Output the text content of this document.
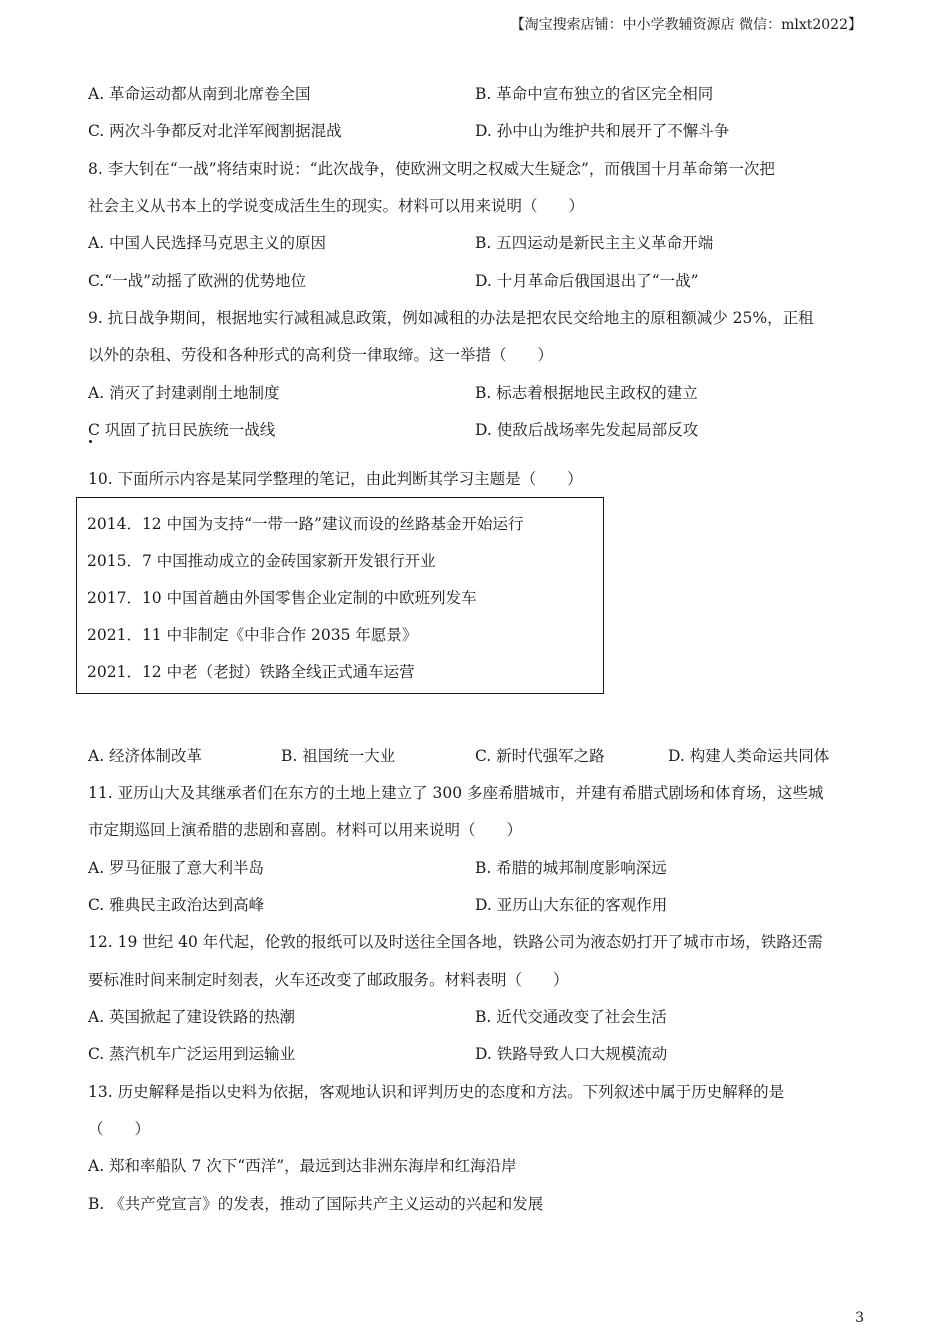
【淘宝搜索店铺：中小学教辅资源店 微信：mlxt2022】
A. 革命运动都从南到北席卷全国	B. 革命中宣布独立的省区完全相同
C. 两次斗争都反对北洋军阀割据混战	D. 孙中山为维护共和展开了不懈斗争
8. 李大钊在“一战”将结束时说：“此次战争，使欧洲文明之权威大生疑念”，而俄国十月革命第一次把
社会主义从书本上的学说变成活生生的现实。材料可以用来说明（　　）
A. 中国人民选择马克思主义的原因	B. 五四运动是新民主主义革命开端
C.“一战”动摇了欧洲的优势地位	D. 十月革命后俄国退出了“一战”
9. 抗日战争期间，根据地实行减租减息政策，例如减租的办法是把农民交给地主的原租额减少 25%，正租
以外的杂租、劳役和各种形式的高利贷一律取缔。这一举措（　　）
A. 消灭了封建剥削土地制度	B. 标志着根据地民主政权的建立
C 巩固了抗日民族统一战线	D. 使敌后战场率先发起局部反攻
10. 下面所示内容是某同学整理的笔记，由此判断其学习主题是（　　）
2014．12 中国为支持“一带一路”建议而设的丝路基金开始运行
2015．7 中国推动成立的金砖国家新开发银行开业
2017．10 中国首趟由外国零售企业定制的中欧班列发车
2021．11 中非制定《中非合作 2035 年愿景》
2021．12 中老（老挝）铁路全线正式通车运营
A. 经济体制改革	B. 祖国统一大业	C. 新时代强军之路	D. 构建人类命运共同体
11. 亚历山大及其继承者们在东方的土地上建立了 300 多座希腊城市，并建有希腊式剧场和体育场，这些城
市定期巡回上演希腊的悲剧和喜剧。材料可以用来说明（　　）
A. 罗马征服了意大利半岛	B. 希腊的城邦制度影响深远
C. 雅典民主政治达到高峰	D. 亚历山大东征的客观作用
12. 19 世纪 40 年代起，伦敦的报纸可以及时送往全国各地，铁路公司为液态奶打开了城市市场，铁路还需
要标准时间来制定时刻表，火车还改变了邮政服务。材料表明（　　）
A. 英国掀起了建设铁路的热潮	B. 近代交通改变了社会生活
C. 蒸汽机车广泛运用到运输业	D. 铁路导致人口大规模流动
13. 历史解释是指以史料为依据，客观地认识和评判历史的态度和方法。下列叙述中属于历史解释的是
（　　）
A. 郑和率船队 7 次下“西洋”，最远到达非洲东海岸和红海沿岸
B. 《共产党宣言》的发表，推动了国际共产主义运动的兴起和发展
3
